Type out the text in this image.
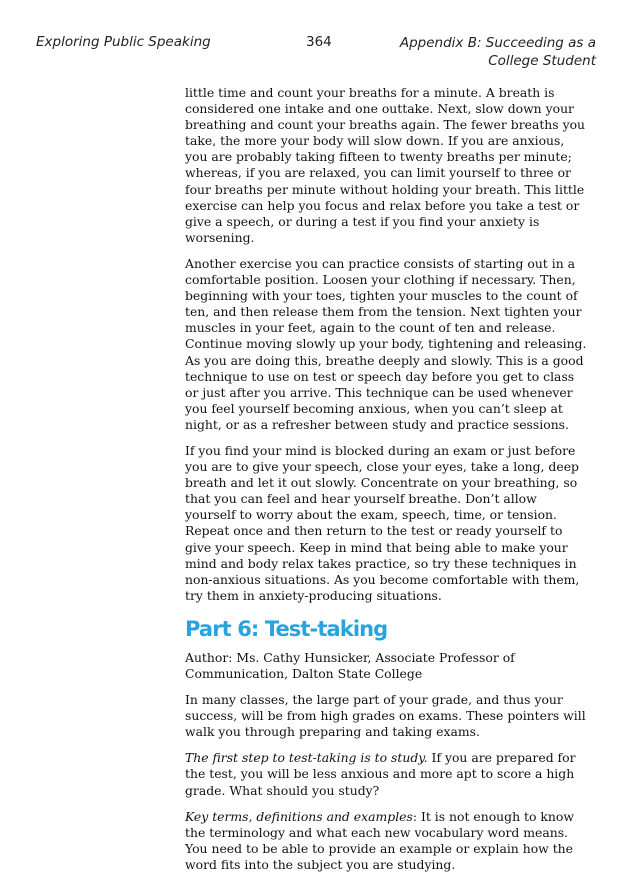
Exploring Public Speaking	364	Appendix B: Succeeding as a
College Student

little time and count your breaths for a minute. A breath is considered one intake and one outtake. Next, slow down your breathing and count your breaths again. The fewer breaths you take, the more your body will slow down. If you are anxious, you are probably taking fifteen to twenty breaths per minute; whereas, if you are relaxed, you can limit yourself to three or four breaths per minute without holding your breath. This little exercise can help you focus and relax before you take a test or give a speech, or during a test if you find your anxiety is worsening.

Another exercise you can practice consists of starting out in a comfortable position. Loosen your clothing if necessary. Then, beginning with your toes, tighten your muscles to the count of ten, and then release them from the tension. Next tighten your muscles in your feet, again to the count of ten and release. Continue moving slowly up your body, tightening and releasing. As you are doing this, breathe deeply and slowly. This is a good technique to use on test or speech day before you get to class or just after you arrive. This technique can be used whenever you feel yourself becoming anxious, when you can’t sleep at night, or as a refresher between study and practice sessions.

If you find your mind is blocked during an exam or just before you are to give your speech, close your eyes, take a long, deep breath and let it out slowly. Concentrate on your breathing, so that you can feel and hear yourself breathe. Don’t allow yourself to worry about the exam, speech, time, or tension. Repeat once and then return to the test or ready yourself to give your speech. Keep in mind that being able to make your mind and body relax takes practice, so try these techniques in non-anxious situations. As you become comfortable with them, try them in anxiety-producing situations.

Part 6: Test-taking

Author: Ms. Cathy Hunsicker, Associate Professor of Communication, Dalton State College

In many classes, the large part of your grade, and thus your success, will be from high grades on exams. These pointers will walk you through preparing and taking exams.

The first step to test-taking is to study. If you are prepared for the test, you will be less anxious and more apt to score a high grade. What should you study?

Key terms, definitions and examples: It is not enough to know the terminology and what each new vocabulary word means. You need to be able to provide an example or explain how the word fits into the subject you are studying.
